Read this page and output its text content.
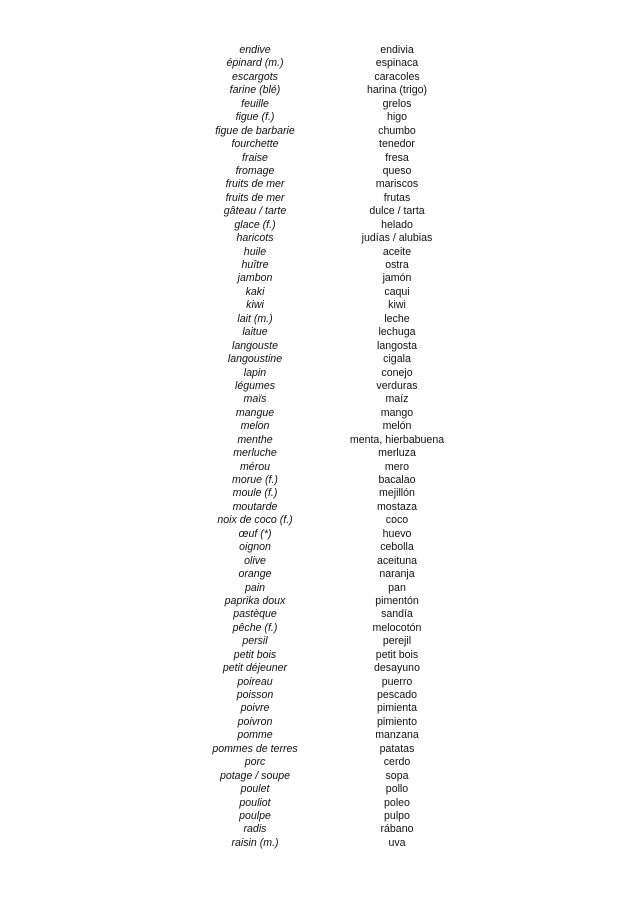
endive
épinard (m.)
escargots
farine (blé)
feuille
figue (f.)
figue de barbarie
fourchette
fraise
fromage
fruits de mer
fruits de mer
gâteau / tarte
glace (f.)
haricots
huile
huître
jambon
kaki
kiwi
lait (m.)
laitue
langouste
langoustine
lapin
légumes
maïs
mangue
melon
menthe
merluche
mérou
morue (f.)
moule (f.)
moutarde
noix de coco (f.)
œuf (*)
oignon
olive
orange
pain
paprika doux
pastèque
pêche (f.)
persil
petit bois
petit déjeuner
poireau
poisson
poivre
poivron
pomme
pommes de terres
porc
potage / soupe
poulet
pouliot
poulpe
radis
raisin (m.)
endivia
espinaca
caracoles
harina (trigo)
grelos
higo
chumbo
tenedor
fresa
queso
mariscos
frutas
dulce / tarta
helado
judías / alubias
aceite
ostra
jamón
caqui
kiwi
leche
lechuga
langosta
cigala
conejo
verduras
maíz
mango
melón
menta, hierbabuena
merluza
mero
bacalao
mejillón
mostaza
coco
huevo
cebolla
aceituna
naranja
pan
pimentón
sandía
melocotón
perejil
petit bois
desayuno
puerro
pescado
pimienta
pimiento
manzana
patatas
cerdo
sopa
pollo
poleo
pulpo
rábano
uva
